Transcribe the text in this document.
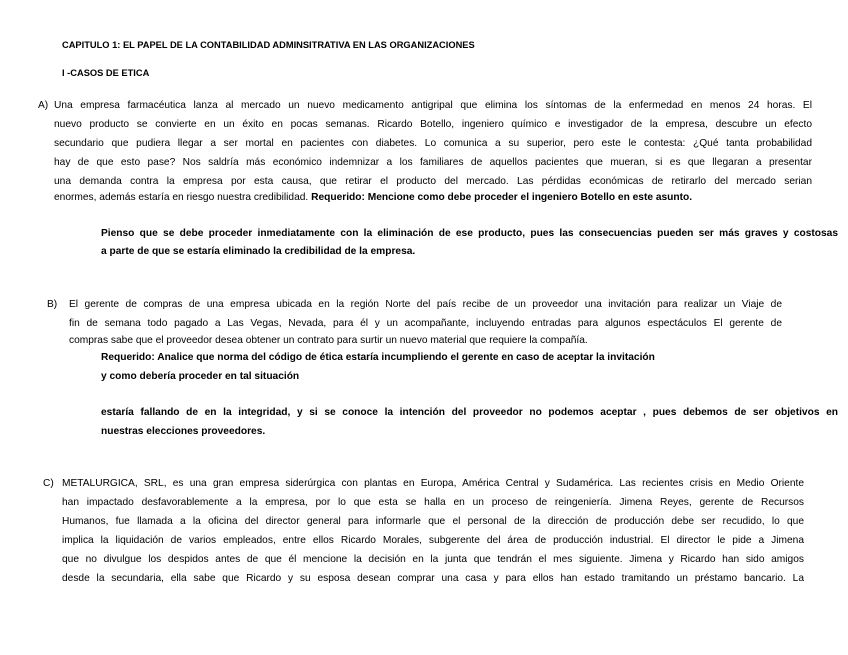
CAPITULO 1: EL PAPEL DE LA CONTABILIDAD ADMINSITRATIVA EN LAS ORGANIZACIONES
I -CASOS DE ETICA
A) Una empresa farmacéutica lanza al mercado un nuevo medicamento antigripal que elimina los síntomas de la enfermedad en menos 24 horas. El
nuevo producto se convierte en un éxito en pocas semanas. Ricardo Botello, ingeniero químico e investigador de la empresa, descubre un efecto
secundario que pudiera llegar a ser mortal en pacientes con diabetes. Lo comunica a su superior, pero este le contesta: ¿Qué tanta probabilidad
hay de que esto pase? Nos saldría más económico indemnizar a los familiares de aquellos pacientes que mueran, si es que llegaran a presentar
una demanda contra la empresa por esta causa, que retirar el producto del mercado. Las pérdidas económicas de retirarlo del mercado serian
enormes, además estaría en riesgo nuestra credibilidad. Requerido: Mencione como debe proceder el ingeniero Botello en este asunto.
Pienso que se debe proceder inmediatamente con la eliminación de ese producto, pues las consecuencias pueden ser más graves y costosas
a parte de que se estaría eliminado la credibilidad de la empresa.
B) El gerente de compras de una empresa ubicada en la región Norte del país recibe de un proveedor una invitación para realizar un Viaje de
fin de semana todo pagado a Las Vegas, Nevada, para él y un acompañante, incluyendo entradas para algunos espectáculos El gerente de
compras sabe que el proveedor desea obtener un contrato para surtir un nuevo material que requiere la compañía.
Requerido: Analice que norma del código de ética estaría incumpliendo el gerente en caso de aceptar la invitación
y como debería proceder en tal situación
estaría fallando de en la integridad, y si se conoce la intención del proveedor no podemos aceptar , pues debemos de ser objetivos en
nuestras elecciones proveedores.
C) METALURGICA, SRL, es una gran empresa siderúrgica con plantas en Europa, América Central y Sudamérica. Las recientes crisis en Medio Oriente
han impactado desfavorablemente a la empresa, por lo que esta se halla en un proceso de reingeniería. Jimena Reyes, gerente de Recursos
Humanos, fue llamada a la oficina del director general para informarle que el personal de la dirección de producción debe ser recudido, lo que
implica la liquidación de varios empleados, entre ellos Ricardo Morales, subgerente del área de producción industrial. El director le pide a Jimena
que no divulgue los despidos antes de que él mencione la decisión en la junta que tendrán el mes siguiente. Jimena y Ricardo han sido amigos
desde la secundaria, ella sabe que Ricardo y su esposa desean comprar una casa y para ellos han estado tramitando un préstamo bancario. La
